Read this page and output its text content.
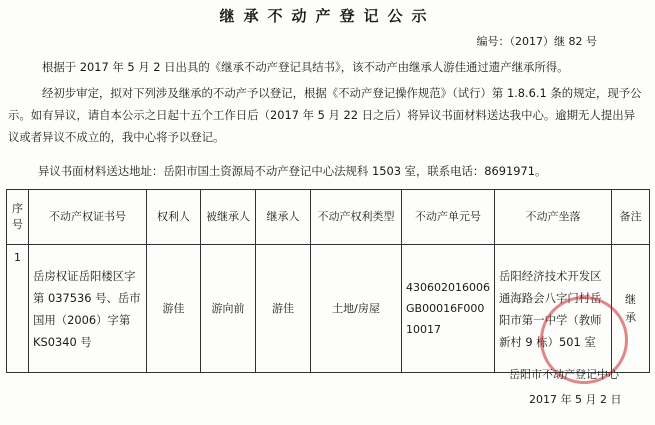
继承不动产登记公示
编号：（2017）继 82 号
根据于 2017 年 5 月 2 日出具的《继承不动产登记具结书》，该不动产由继承人游佳通过遗产继承所得。
经初步审定，拟对下列涉及继承的不动产予以登记，根据《不动产登记操作规范》（试行）第 1.8.6.1 条的规定，现予公示。如有异议，请自本公示之日起十五个工作日后（2017 年 5 月 22 日之后）将异议书面材料送达我中心。逾期无人提出异议或者异议不成立的，我中心将予以登记。
异议书面材料送达地址：岳阳市国土资源局不动产登记中心法规科 1503 室，联系电话：8691971。
序号	不动产权证书号	权利人	被继承人	继承人	不动产权利类型	不动产单元号	不动产坐落	备注
1	岳房权证岳阳楼区字第 037536 号、岳市国用（2006）字第 KS0340 号	游佳	游向前	游佳	土地/房屋	430602016006GB00016F00010017	岳阳经济技术开发区通海路会八字门村岳阳市第一中学（教师新村 9 栋）501 室	继承
岳阳市不动产登记中心
2017 年 5 月 2 日
